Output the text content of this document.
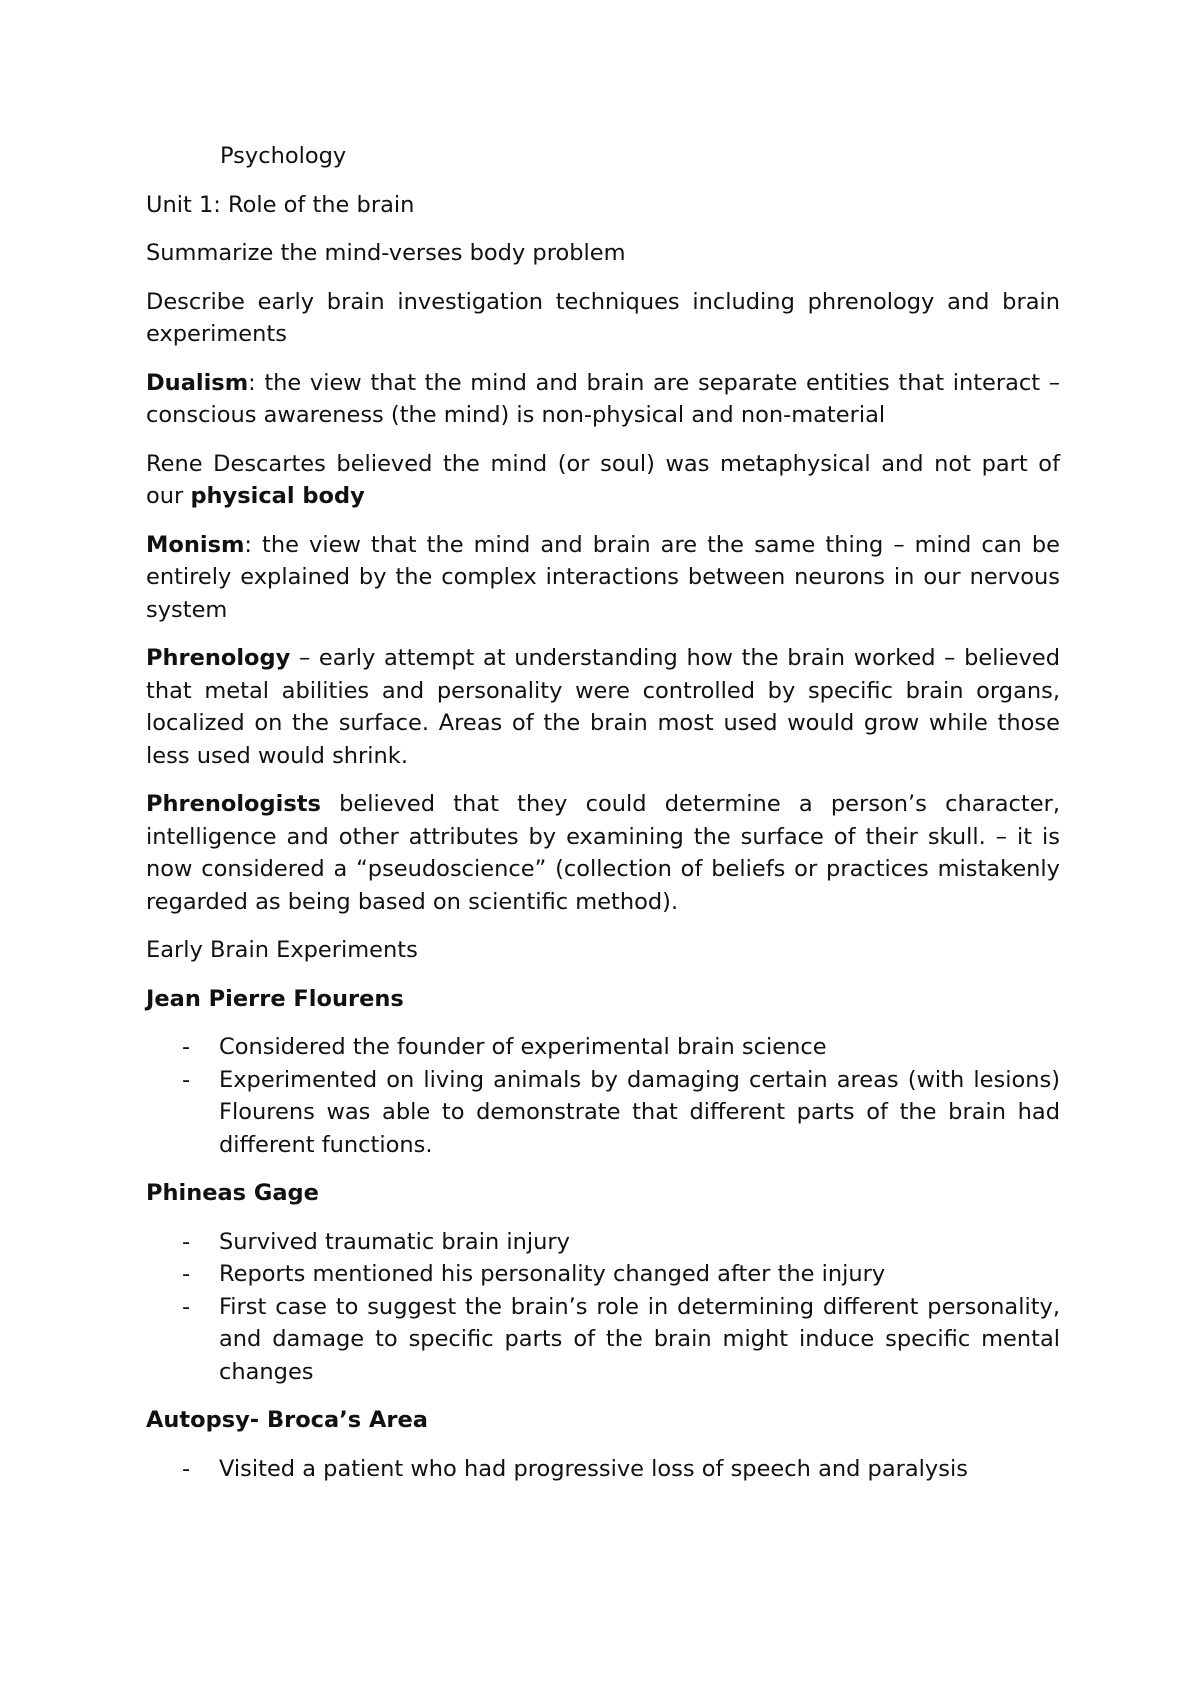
Psychology

Unit 1: Role of the brain

Summarize the mind-verses body problem

Describe early brain investigation techniques including phrenology and brain experiments

Dualism: the view that the mind and brain are separate entities that interact – conscious awareness (the mind) is non-physical and non-material

Rene Descartes believed the mind (or soul) was metaphysical and not part of our physical body

Monism: the view that the mind and brain are the same thing – mind can be entirely explained by the complex interactions between neurons in our nervous system

Phrenology – early attempt at understanding how the brain worked – believed that metal abilities and personality were controlled by specific brain organs, localized on the surface. Areas of the brain most used would grow while those less used would shrink.

Phrenologists believed that they could determine a person’s character, intelligence and other attributes by examining the surface of their skull. – it is now considered a “pseudoscience” (collection of beliefs or practices mistakenly regarded as being based on scientific method).

Early Brain Experiments

Jean Pierre Flourens

- Considered the founder of experimental brain science
- Experimented on living animals by damaging certain areas (with lesions) Flourens was able to demonstrate that different parts of the brain had different functions.

Phineas Gage

- Survived traumatic brain injury
- Reports mentioned his personality changed after the injury
- First case to suggest the brain’s role in determining different personality, and damage to specific parts of the brain might induce specific mental changes

Autopsy- Broca’s Area

- Visited a patient who had progressive loss of speech and paralysis
